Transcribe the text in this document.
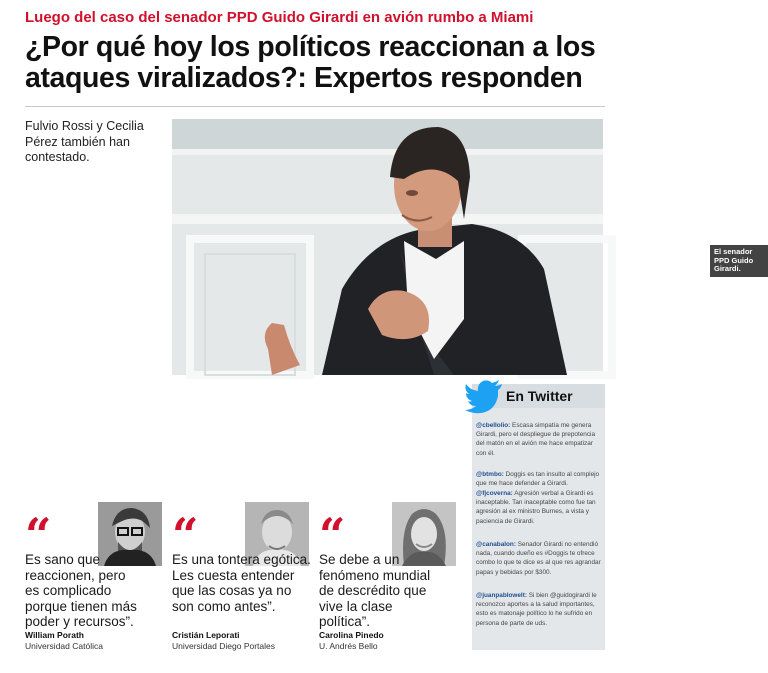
Luego del caso del senador PPD Guido Girardi en avión rumbo a Miami
¿Por qué hoy los políticos reaccionan a los ataques viralizados?: Expertos responden

Fulvio Rossi y Cecilia Pérez también han contestado.

El senador PPD Guido Girardi.
“
Es sano que reaccionen, pero es complicado porque tienen más poder y recursos”.
William Porath
Universidad Católica
“
Es una tontera egótica. Les cuesta entender que las cosas ya no son como antes”.
Cristián Leporati
Universidad Diego Portales
“
Se debe a un fenómeno mundial de descrédito que vive la clase política”.
Carolina Pinedo
U. Andrés Bello
En Twitter
@cbellolio: Escasa simpatía me genera Girardi, pero el despliegue de prepotencia del matón en el avión me hace empatizar con él.
@btmbo: Doggis es tan insulto al complejo que me hace defender a Girardi.
@fjcoverna: Agresión verbal a Girardi es inaceptable. Tan inaceptable como fue tan agresión al ex ministro Burnes, a vista y paciencia de Girardi.
@canabalon: Senador Girardi no entendió nada, cuando dueño es #Doggis te ofrece combo lo que te dice es al que res agrandar papas y bebidas por $300.
@juanpablowelt: Si bien @guidogirardi le reconozco aportes a la salud importantes, esto es matonaje político lo he sufrido en persona de parte de uds.
